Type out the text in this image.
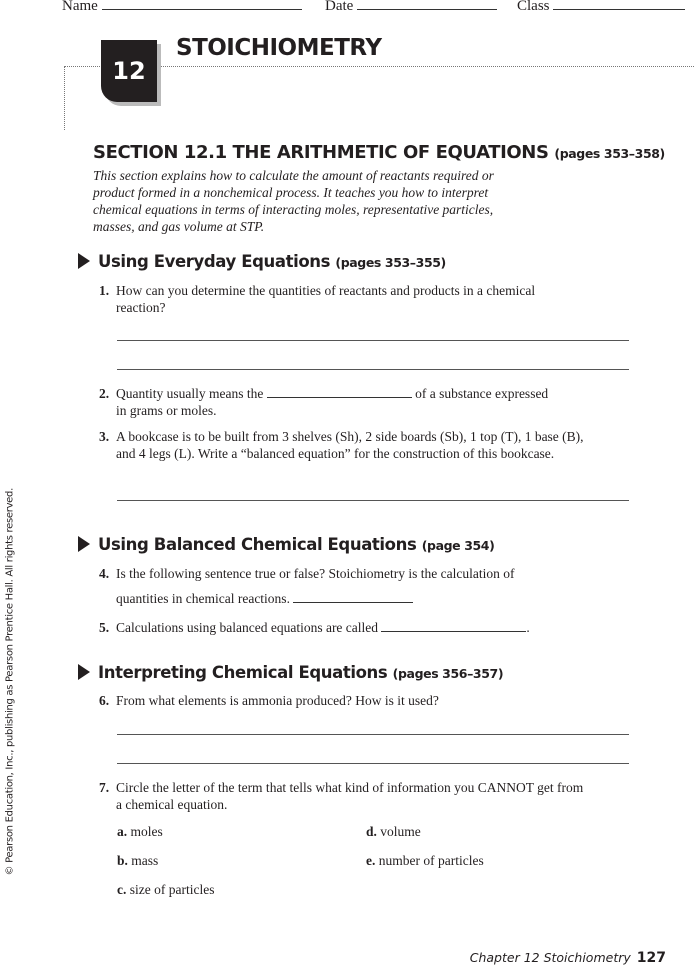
Name	Date	Class
12
STOICHIOMETRY
SECTION 12.1 THE ARITHMETIC OF EQUATIONS (pages 353–358)
This section explains how to calculate the amount of reactants required or product formed in a nonchemical process. It teaches you how to interpret chemical equations in terms of interacting moles, representative particles, masses, and gas volume at STP.
Using Everyday Equations (pages 353–355)
1. How can you determine the quantities of reactants and products in a chemical reaction?
2. Quantity usually means the	of a substance expressed
in grams or moles.
3. A bookcase is to be built from 3 shelves (Sh), 2 side boards (Sb), 1 top (T), 1 base (B), and 4 legs (L). Write a “balanced equation” for the construction of this bookcase.
Using Balanced Chemical Equations (page 354)
4. Is the following sentence true or false? Stoichiometry is the calculation of
quantities in chemical reactions.
5. Calculations using balanced equations are called	.
Interpreting Chemical Equations (pages 356–357)
6. From what elements is ammonia produced? How is it used?
7. Circle the letter of the term that tells what kind of information you CANNOT get from a chemical equation.
a. moles
b. mass
c. size of particles
d. volume
e. number of particles
© Pearson Education, Inc., publishing as Pearson Prentice Hall. All rights reserved.
Chapter 12 Stoichiometry 127
